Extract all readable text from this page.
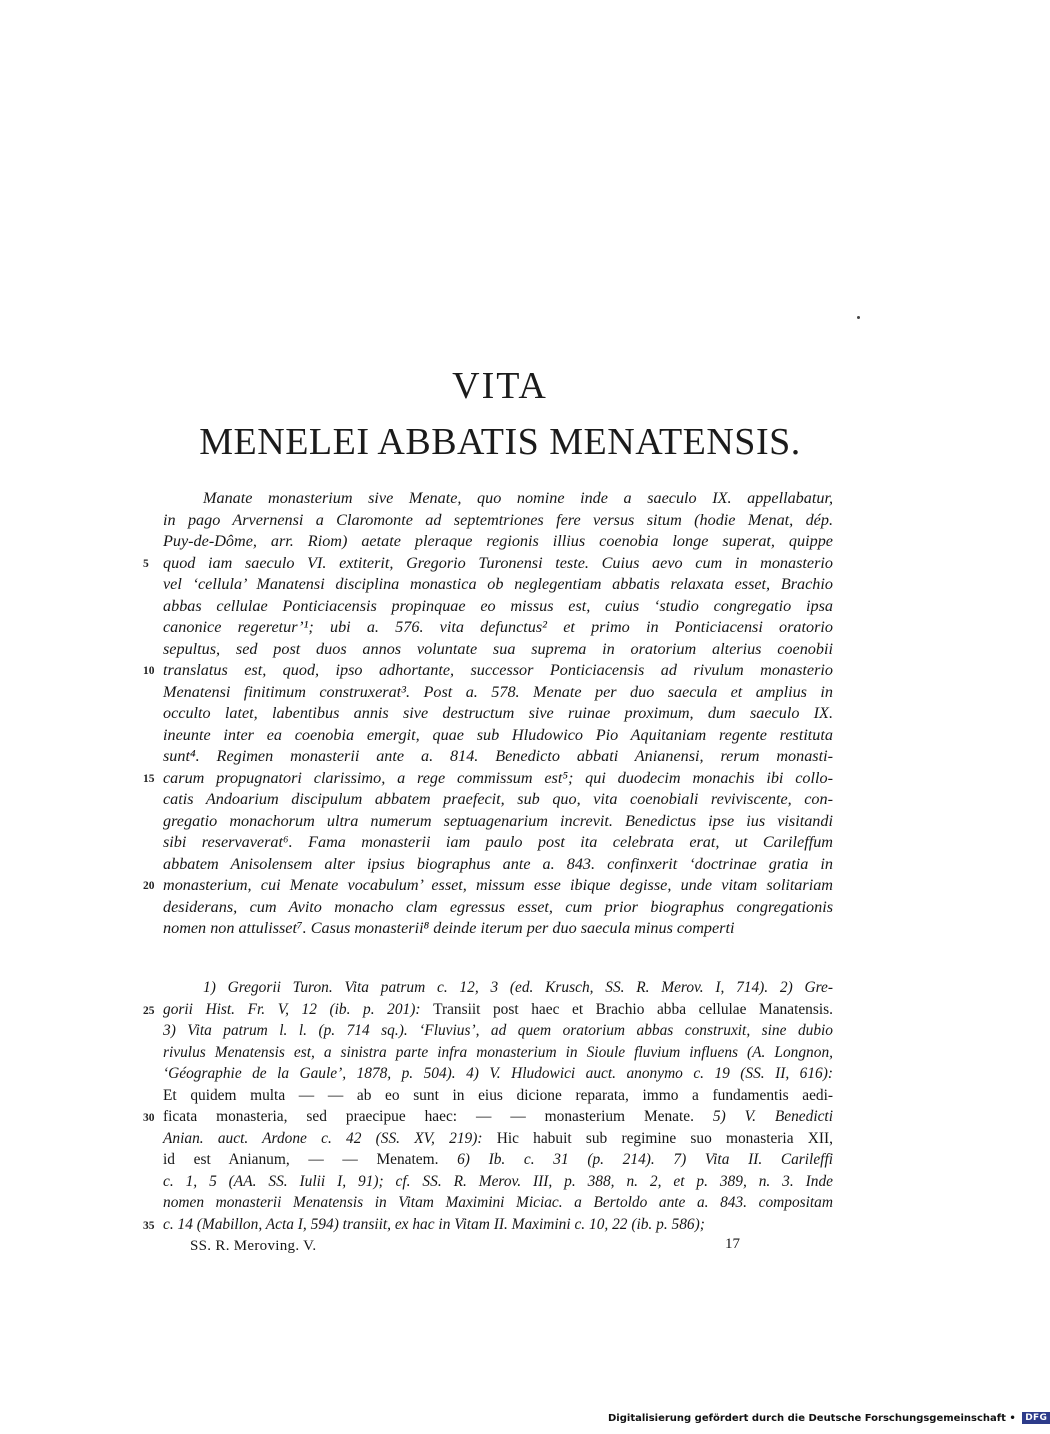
VITA
MENELEI ABBATIS MENATENSIS.
Manate monasterium sive Menate, quo nomine inde a saeculo IX. appellabatur,
in pago Arvernensi a Claromonte ad septemtriones fere versus situm (hodie Menat, dép.
Puy-de-Dôme, arr. Riom) aetate pleraque regionis illius coenobia longe superat, quippe
quod iam saeculo VI. extiterit, Gregorio Turonensi teste. Cuius aevo cum in monasterio
vel ‘cellula’ Manatensi disciplina monastica ob neglegentiam abbatis relaxata esset, Brachio
abbas cellulae Ponticiacensis propinquae eo missus est, cuius ‘studio congregatio ipsa
canonice regeretur’¹; ubi a. 576. vita defunctus² et primo in Ponticiacensi oratorio
sepultus, sed post duos annos voluntate sua suprema in oratorium alterius coenobii
translatus est, quod, ipso adhortante, successor Ponticiacensis ad rivulum monasterio
Menatensi finitimum construxerat³. Post a. 578. Menate per duo saecula et amplius in
occulto latet, labentibus annis sive destructum sive ruinae proximum, dum saeculo IX.
ineunte inter ea coenobia emergit, quae sub Hludowico Pio Aquitaniam regente restituta
sunt⁴. Regimen monasterii ante a. 814. Benedicto abbati Anianensi, rerum monasti-
carum propugnatori clarissimo, a rege commissum est⁵; qui duodecim monachis ibi collo-
catis Andoarium discipulum abbatem praefecit, sub quo, vita coenobiali reviviscente, con-
gregatio monachorum ultra numerum septuagenarium increvit. Benedictus ipse ius visitandi
sibi reservaverat⁶. Fama monasterii iam paulo post ita celebrata erat, ut Carileffum
abbatem Anisolensem alter ipsius biographus ante a. 843. confinxerit ‘doctrinae gratia in
monasterium, cui Menate vocabulum’ esset, missum esse ibique degisse, unde vitam solitariam
desiderans, cum Avito monacho clam egressus esset, cum prior biographus congregationis
nomen non attulisset⁷. Casus monasterii⁸ deinde iterum per duo saecula minus comperti
5
10
15
20
1) Gregorii Turon. Vita patrum c. 12, 3 (ed. Krusch, SS. R. Merov. I, 714). 2) Gre-
gorii Hist. Fr. V, 12 (ib. p. 201): Transiit post haec et Brachio abba cellulae Manatensis.
3) Vita patrum l. l. (p. 714 sq.). ‘Fluvius’, ad quem oratorium abbas construxit, sine dubio
rivulus Menatensis est, a sinistra parte infra monasterium in Sioule fluvium influens (A. Longnon,
‘Géographie de la Gaule’, 1878, p. 504). 4) V. Hludowici auct. anonymo c. 19 (SS. II, 616):
Et quidem multa — — ab eo sunt in eius dicione reparata, immo a fundamentis aedi-
ficata monasteria, sed praecipue haec: — — monasterium Menate. 5) V. Benedicti
Anian. auct. Ardone c. 42 (SS. XV, 219): Hic habuit sub regimine suo monasteria XII,
id est Anianum, — — Menatem. 6) Ib. c. 31 (p. 214). 7) Vita II. Carileffi
c. 1, 5 (AA. SS. Iulii I, 91); cf. SS. R. Merov. III, p. 388, n. 2, et p. 389, n. 3. Inde
nomen monasterii Menatensis in Vitam Maximini Miciac. a Bertoldo ante a. 843. compositam
c. 14 (Mabillon, Acta I, 594) transiit, ex hac in Vitam II. Maximini c. 10, 22 (ib. p. 586);
25
30
35
SS. R. Meroving. V.	17
Digitalisierung gefördert durch die Deutsche Forschungsgemeinschaft • DFG
